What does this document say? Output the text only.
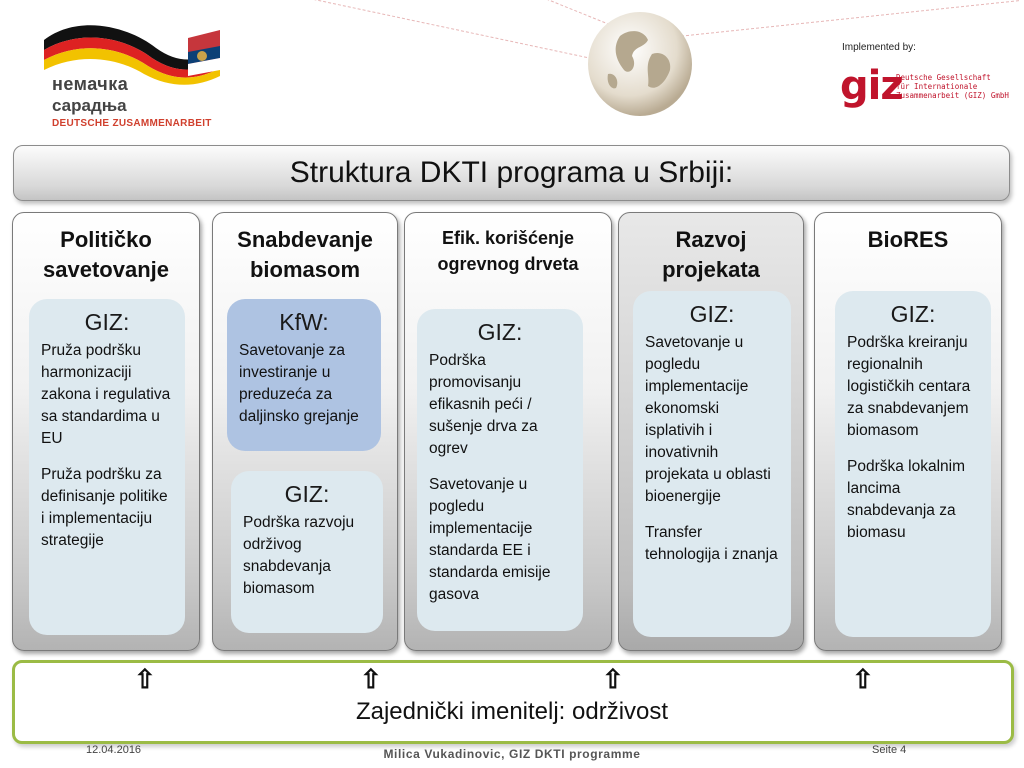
немачка
сарадња
DEUTSCHE ZUSAMMENARBEIT
Implemented by:
giz
Deutsche Gesellschaft
für Internationale
Zusammenarbeit (GIZ) GmbH
Struktura DKTI programa u Srbiji:
Političko savetovanje
GIZ:

Pruža podršku harmonizaciji zakona i regulativa sa standardima u EU

Pruža podršku za definisanje politike i implementaciju strategije

Snabdevanje biomasom
KfW:

Savetovanje za investiranje u preduzeća za daljinsko grejanje

GIZ:

Podrška razvoju održivog snabdevanja biomasom

Efik. korišćenje ogrevnog drveta
GIZ:

Podrška promovisanju efikasnih peći / sušenje drva za ogrev

Savetovanje u pogledu implementacije standarda EE i standarda emisije gasova

Razvoj projekata
GIZ:

Savetovanje u pogledu implementacije ekonomski isplativih i inovativnih projekata u oblasti bioenergije

Transfer tehnologija i znanja

BioRES
GIZ:

Podrška kreiranju regionalnih logističkih centara za snabdevanjem biomasom

Podrška lokalnim lancima snabdevanja za biomasu

⇧	⇧	⇧	⇧
Zajednički imenitelj: održivost
12.04.2016	Milica Vukadinovic, GIZ DKTI programme	Seite 4
